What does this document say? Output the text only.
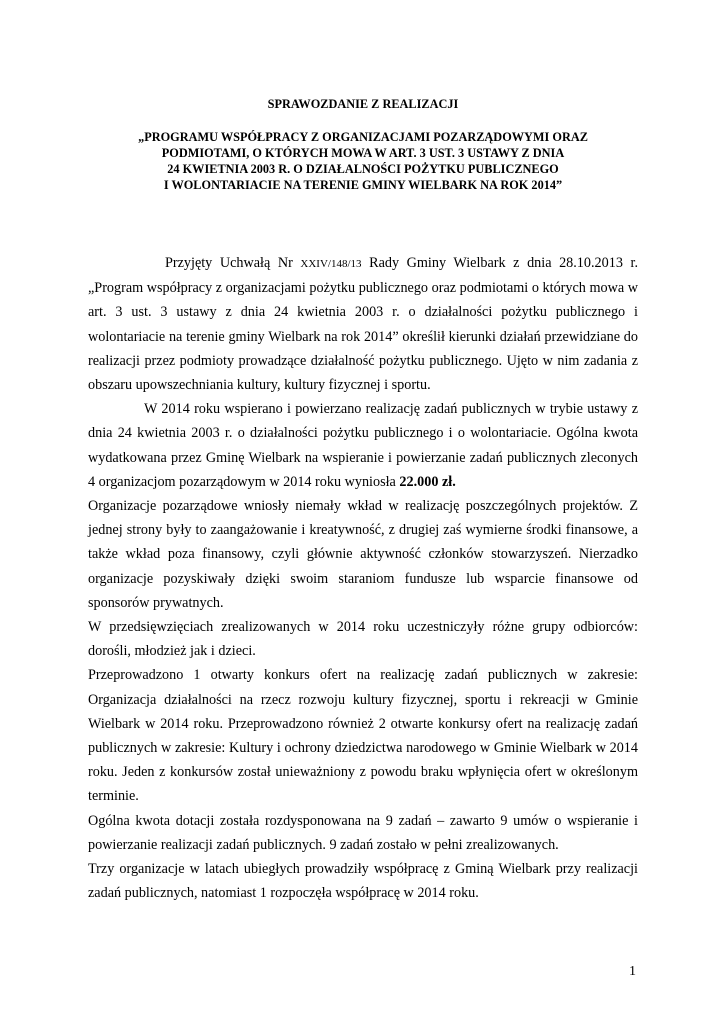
SPRAWOZDANIE Z REALIZACJI
„PROGRAMU WSPÓŁPRACY Z ORGANIZACJAMI POZARZĄDOWYMI ORAZ
PODMIOTAMI, O KTÓRYCH MOWA W ART. 3 UST. 3 USTAWY Z DNIA
24 KWIETNIA 2003 R. O DZIAŁALNOŚCI POŻYTKU PUBLICZNEGO
I WOLONTARIACIE NA TERENIE GMINY WIELBARK NA ROK 2014”

Przyjęty Uchwałą Nr XXIV/148/13 Rady Gminy Wielbark z dnia 28.10.2013 r. „Program współpracy z organizacjami pożytku publicznego oraz podmiotami o których mowa w art. 3 ust. 3 ustawy z dnia 24 kwietnia 2003 r. o działalności pożytku publicznego i wolontariacie na terenie gminy Wielbark na rok 2014” określił kierunki działań przewidziane do realizacji przez podmioty prowadzące działalność pożytku publicznego. Ujęto w nim zadania z obszaru upowszechniania kultury, kultury fizycznej i sportu.

W 2014 roku wspierano i powierzano realizację zadań publicznych w trybie ustawy z dnia 24 kwietnia 2003 r. o działalności pożytku publicznego i o wolontariacie. Ogólna kwota wydatkowana przez Gminę Wielbark na wspieranie i powierzanie zadań publicznych zleconych 4 organizacjom pozarządowym w 2014 roku wyniosła 22.000 zł.

Organizacje pozarządowe wniosły niemały wkład w realizację poszczególnych projektów. Z jednej strony były to zaangażowanie i kreatywność, z drugiej zaś wymierne środki finansowe, a także wkład poza finansowy, czyli głównie aktywność członków stowarzyszeń. Nierzadko organizacje pozyskiwały dzięki swoim staraniom fundusze lub wsparcie finansowe od sponsorów prywatnych.

W przedsięwzięciach zrealizowanych w 2014 roku uczestniczyły różne grupy odbiorców: dorośli, młodzież jak i dzieci.

Przeprowadzono 1 otwarty konkurs ofert na realizację zadań publicznych w zakresie: Organizacja działalności na rzecz rozwoju kultury fizycznej, sportu i rekreacji w Gminie Wielbark w 2014 roku. Przeprowadzono również 2 otwarte konkursy ofert na realizację zadań publicznych w zakresie: Kultury i ochrony dziedzictwa narodowego w Gminie Wielbark w 2014 roku. Jeden z konkursów został unieważniony z powodu braku wpłynięcia ofert w określonym terminie.

Ogólna kwota dotacji została rozdysponowana na 9 zadań – zawarto 9 umów o wspieranie i powierzanie realizacji zadań publicznych. 9 zadań zostało w pełni zrealizowanych.

Trzy organizacje w latach ubiegłych prowadziły współpracę z Gminą Wielbark przy realizacji zadań publicznych, natomiast 1 rozpoczęła współpracę w 2014 roku.

1
